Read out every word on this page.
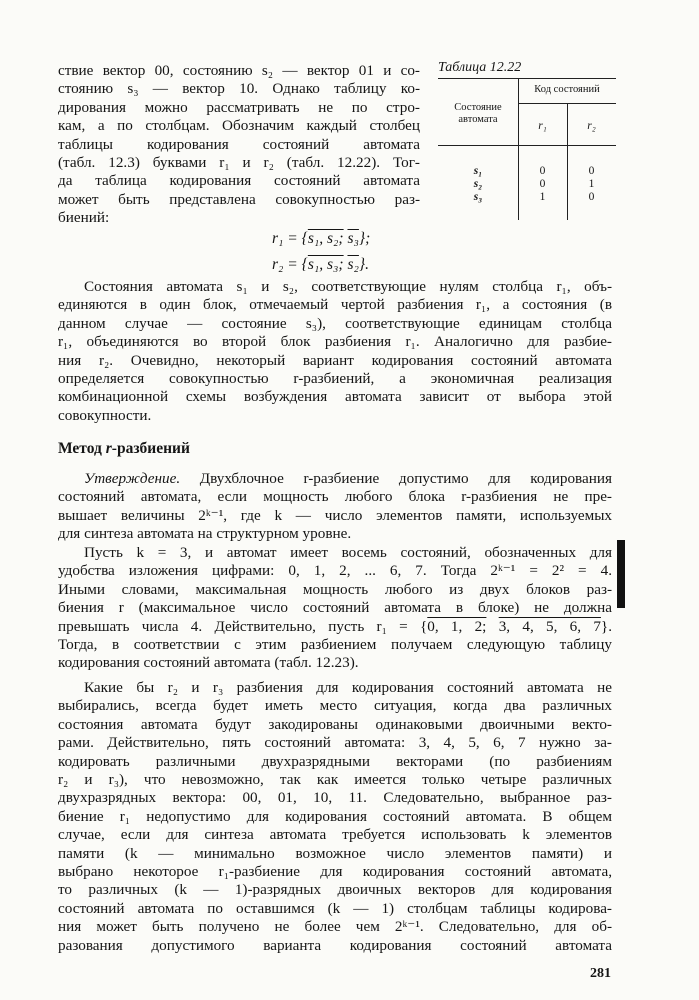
ствие вектор 00, состоянию s₂ — вектор 01 и со-

стоянию s₃ — вектор 10. Однако таблицу ко-

дирования можно рассматривать не по стро-

кам, а по столбцам. Обозначим каждый столбец

таблицы кодирования состояний автомата

(табл. 12.3) буквами r₁ и r₂ (табл. 12.22). Тог-

да таблица кодирования состояний автомата

может быть представлена совокупностью раз-

биений:

Таблица 12.22
Состояние автомата
Код состояний
r₁	r₂
s₁	0	0
s₂	0	1
s₃	1	0
r₁ = {s₁, s₂; s₃};
r₂ = {s₁, s₃; s₂}.

Состояния автомата s₁ и s₂, соответствующие нулям столбца r₁, объ-

единяются в один блок, отмечаемый чертой разбиения r₁, а состояния (в

данном случае — состояние s₃), соответствующие единицам столбца

r₁, объединяются во второй блок разбиения r₁. Аналогично для разбие-

ния r₂. Очевидно, некоторый вариант кодирования состояний автомата

определяется совокупностью r-разбиений, а экономичная реализация

комбинационной схемы возбуждения автомата зависит от выбора этой

совокупности.

Метод r-разбиений

Утверждение. Двухблочное r-разбиение допустимо для кодирования

состояний автомата, если мощность любого блока r-разбиения не пре-

вышает величины 2ᵏ⁻¹, где k — число элементов памяти, используемых

для синтеза автомата на структурном уровне.

Пусть k = 3, и автомат имеет восемь состояний, обозначенных для

удобства изложения цифрами: 0, 1, 2, ... 6, 7. Тогда 2ᵏ⁻¹ = 2² = 4.

Иными словами, максимальная мощность любого из двух блоков раз-

биения r (максимальное число состояний автомата в блоке) не должна

превышать числа 4. Действительно, пусть r₁ = {0, 1, 2; 3, 4, 5, 6, 7}.

Тогда, в соответствии с этим разбиением получаем следующую таблицу

кодирования состояний автомата (табл. 12.23).

Какие бы r₂ и r₃ разбиения для кодирования состояний автомата не

выбирались, всегда будет иметь место ситуация, когда два различных

состояния автомата будут закодированы одинаковыми двоичными векто-

рами. Действительно, пять состояний автомата: 3, 4, 5, 6, 7 нужно за-

кодировать различными двухразрядными векторами (по разбиениям

r₂ и r₃), что невозможно, так как имеется только четыре различных

двухразрядных вектора: 00, 01, 10, 11. Следовательно, выбранное раз-

биение r₁ недопустимо для кодирования состояний автомата. В общем

случае, если для синтеза автомата требуется использовать k элементов

памяти (k — минимально возможное число элементов памяти) и

выбрано некоторое r₁-разбиение для кодирования состояний автомата,

то различных (k — 1)-разрядных двоичных векторов для кодирования

состояний автомата по оставшимся (k — 1) столбцам таблицы кодирова-

ния может быть получено не более чем 2ᵏ⁻¹. Следовательно, для об-

разования допустимого варианта кодирования состояний автомата

281
